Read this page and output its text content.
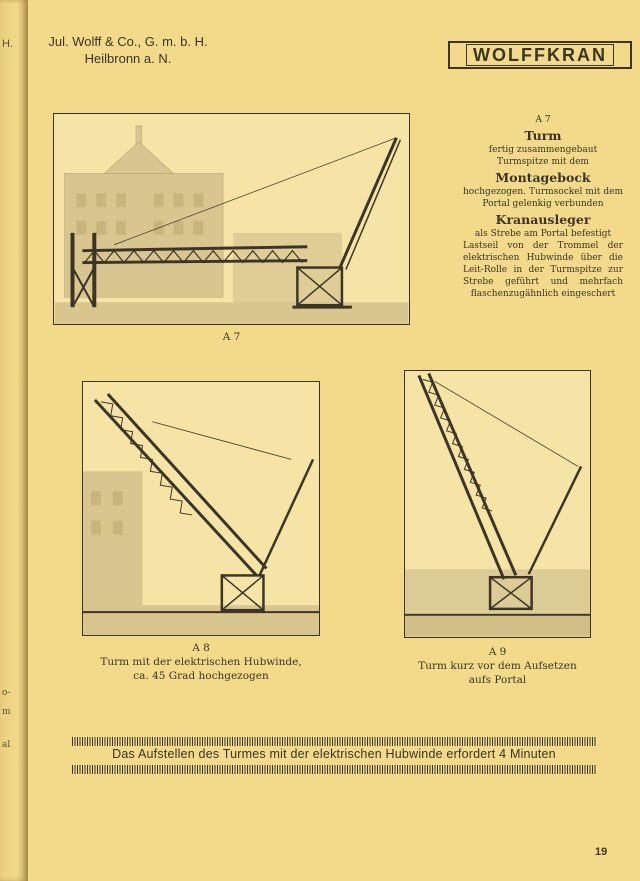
H.
o-
m
al
Jul. Wolff & Co., G. m. b. H.
Heilbronn a. N.	WOLFFKRAN
A 7
A 7
Turm
fertig zusammengebaut
Turmspitze mit dem
Montagebock
hochgezogen. Turmsockel mit dem Portal gelenkig verbunden
Kranausleger
als Strebe am Portal befestigt
Lastseil von der Trommel der elektrischen Hubwinde über die Leit-Rolle in der Turmspitze zur Strebe geführt und mehrfach flaschenzugähnlich eingeschert
A 8
Turm mit der elektrischen Hubwinde,
ca. 45 Grad hochgezogen
A 9
Turm kurz vor dem Aufsetzen
aufs Portal
Das Aufstellen des Turmes mit der elektrischen Hubwinde erfordert 4 Minuten
19
